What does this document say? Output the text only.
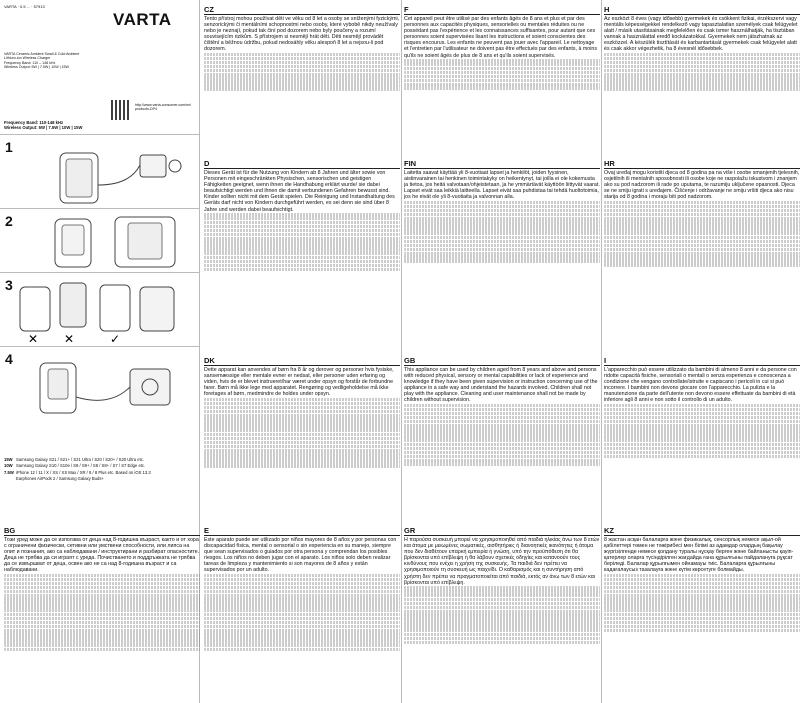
VARTA · 0.5 ... · 57913
VARTA
VARTA Ceramic Ambient Small & Cold Ambient
Lithium-ion Wireless Charger
Frequency Band: 110 – 148 kHz
Wireless Output: 5W | 7.5W | 10W | 15W
http://www.varta-consumer.com/en/ products-DP4
Frequency Band: 110-148 kHz
Wireless Output: 5W | 7.5W | 10W | 15W
1
2
3
✕ ✕	✓
4
15W Samsung Galaxy S21 / S21+ / S21 Ultra / S20 / S20+ / S20 Ultra etc.
10W Samsung Galaxy S10 / S10e / S9 / S9+ / S8 / S8+ / S7 / S7 Edge etc.
7.5W iPhone 12 / 11 / X / XS / XS Max / XR / 8 / 8 Plus etc. Based on iOS 13.3
Earphones AirPods 2 / Samsung Galaxy Buds+
CZ
Tento přístroj mohou používat děti ve věku od 8 let a osoby se sníženými fyzickými, senzorickými či mentálními schopnostmi nebo osoby, které vybobě nikdy neužívaly nebo je neznají, pokud tak činí pod dozorem nebo byly poučeny a rozumí souvisejícím rizikům. S přístrojem si nesmějí hrát děti. Děti nesmějí provádět čištění a běžnou údržbu, pokud nedosáhly věku alespoň 8 let a nejsou-li pod dozorem.
F
Cet appareil peut être utilisé par des enfants âgés de 8 ans et plus et par des personnes aux capacités physiques, sensorielles ou mentales réduites ou ne possédant pas l'expérience et les connaissances suffisantes, pour autant que ces personnes soient supervisées lisant les instructions et soient conscientes des risques encourus. Les enfants ne peuvent pas jouer avec l'appareil. Le nettoyage et l'entretien par l'utilisateur ne doivent pas être effectués par des enfants, à moins qu'ils ne soient âgés de plus de 8 ans et qu'ils soient supervisés.
H
Az eszközt 8 éves (vagy idősebb) gyermekek és csökkent fizikai, érzékszervi vagy mentális képességekkel rendelkező vagy tapasztalatlan személyek csak felügyelet alatt / másik utasításainak megfelelően és csak ismer használhatják, ha tisztában vannak a használattal eredő kockázatokkal. Gyermekek nem játszhatnak az eszközzel. A készülék tisztítását és karbantartását gyermekek csak felügyelet alatt és csak akkor végezhetik, ha 8 évesnél idősebbek.
D
Dieses Gerät ist für die Nutzung von Kindern ab 8 Jahren und älter sowie von Personen mit eingeschränkten Physischen, sensorischen und geistigen Fähigkeiten geeignet, wenn ihnen die Handhabung erklärt wurde/ sie dabei beaufsichtigt werden und ihnen die damit verbundenen Gefahren bewusst sind. Kinder sollten nicht mit dem Gerät spielen. Die Reinigung und Instandhaltung des Geräts darf nicht von Kindern durchgeführt werden, es sei denn sie sind über 8 Jahre und werden dabei beaufsichtigt.
FIN
Laitetta saavat käyttää yli 8-vuotiaat lapset ja henkilöt, joiden fyysinen, aistinvarainen tai henkinen toimintakyky on heikentynyt, tai joilla ei ole kokemusta ja tietoa, jos heitä valvotaan/ohjeistetaan, ja he ymmärtävät käyttöön liittyvät vaarat. Lapset eivät saa leikkiä laitteella. Lapset eivät saa puhdistaa tai tehdä huoltotoimia, jos he eivät ole yli 8-vuotiaita ja valvonnan alla.
HR
Ovaj uređaj mogu koristiti djeca od 8 godina pa na više i osobe smanjenih tjelesnih, osjetilnih ili mentalnih sposobnosti ili osobe koje ne raspolažu iskustvom i znanjem ako su pod nadzorom ili rade po uputama, te razumiju uključene opasnosti. Djeca se ne smiju igrati s uređajem. Čišćenje i održavanje ne smiju vršiti djeca ako nisu starija od 8 godina i moraju biti pod nadzorom.
DK
Dette apparat kan anvendes af børn fra 8 år og derover og personer hvis fysiske, sansemæssige eller mentale evner er nedsat, eller personer uden erfaring og viden, hvis de er blevet instrueret/har været under opsyn og forstår de forbundne farer. Børn må ikke lege med apparatet. Rengøring og vedligeholdelse må ikke foretages af børn, medmindre de holdes under opsyn.
GB
This appliance can be used by children aged from 8 years and above and persons with reduced physical, sensory or mental capabilities or lack of experience and knowledge if they have been given supervision or instruction concerning use of the appliance in a safe way and understand the hazards involved. Children shall not play with the appliance. Cleaning and user maintenance shall not be made by children without supervision.
I
L'apparecchio può essere utilizzato da bambini di almeno 8 anni e da persone con ridotte capacità fisiche, sensoriali o mentali o senza esperienza e conoscenza a condizione che vengano controllate/istruite e capiscano i pericoli in cui si può incorrere. I bambini non devono giocare con l'apparecchio. La pulizia e la manutenzione da parte dell'utente non devono essere effettuate da bambini di età inferiore agli 8 anni e non sotto il controllo di un adulto.
BG
Този уред може да се използва от деца над 8-годишна възраст, както и от хора с ограничени физически, сетивни или умствени способности, или липса на опит и познания, ако са наблюдавани / инструктирани и разбират опасностите. Деца не трябва да си играят с уреда. Почистването и поддръжката не трябва да се извършват от деца, освен ако не са над 8-годишна възраст и са наблюдавани.
E
Este aparato puede ser utilizado por niños mayores de 8 años y por personas con discapacidad física, mental o sensorial o sin experiencia en su manejo, siempre que sean supervisados o guiados por otra persona y comprendan los posibles riesgos. Los niños no deben jugar con el aparato. Los niños solo deben realizar tareas de limpieza y mantenimiento si son mayores de 8 años y están supervisados por un adulto.
GR
Η παρούσα συσκευή μπορεί να χρησιμοποιηθεί από παιδιά ηλικίας άνω των 8 ετών και άτομα με μειωμένες σωματικές, αισθητήριες ή διανοητικές ικανότητες ή άτομα που δεν διαθέτουν επαρκή εμπειρία ή γνώση, υπό την προϋπόθεση ότι θα βρίσκονται υπό επίβλεψη ή θα λάβουν σχετικές οδηγίες και κατανοούν τους κινδύνους που ενέχει η χρήση της συσκευής. Τα παιδιά δεν πρέπει να χρησιμοποιούν τη συσκευή ως παιχνίδι. Ο καθαρισμός και η συντήρηση από χρήστη δεν πρέπει να πραγματοποιείται από παιδιά, εκτός αν άνω των 8 ετών και βρίσκονται υπό επίβλεψη.
KZ
8 жастан асқан балаларға және физикалық, сенсорлық немесе ақыл-ой қабілеттері төмен не тәжірибесі мен білімі аз адамдар олардың бақылау жүргізілгенде немесе қолдану туралы нұсқау берген және байланысты қауіп-қатерлер оларға түсіндірілген жағдайда ғана құрылғыны пайдалануға рұқсат беріледі. Балалар құрылғымен ойнамауы тиіс. Балаларға құрылғыны кадағалаусыз тазалауға және күтім көрсетуге болмайды.
